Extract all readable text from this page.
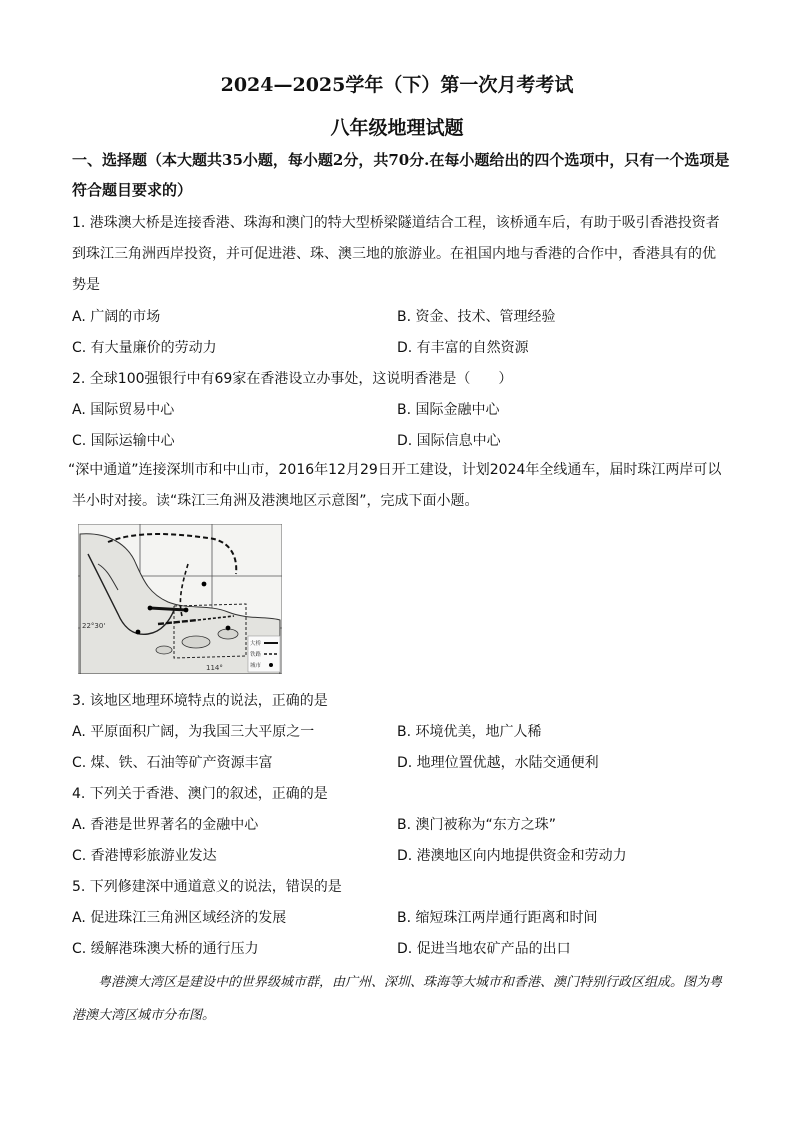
2024—2025学年（下）第一次月考考试
八年级地理试题
一、选择题（本大题共35小题，每小题2分，共70分.在每小题给出的四个选项中，只有一个选项是符合题目要求的）
1. 港珠澳大桥是连接香港、珠海和澳门的特大型桥梁隧道结合工程，该桥通车后，有助于吸引香港投资者到珠江三角洲西岸投资，并可促进港、珠、澳三地的旅游业。在祖国内地与香港的合作中，香港具有的优势是
A. 广阔的市场	B. 资金、技术、管理经验
C. 有大量廉价的劳动力	D. 有丰富的自然资源
2. 全球100强银行中有69家在香港设立办事处，这说明香港是（　　）
A. 国际贸易中心	B. 国际金融中心
C. 国际运输中心	D. 国际信息中心
“深中通道”连接深圳市和中山市，2016年12月29日开工建设，计划2024年全线通车，届时珠江两岸可以半小时对接。读“珠江三角洲及港澳地区示意图”，完成下面小题。
22°30'
114°
大桥
铁路
城市
3. 该地区地理环境特点的说法，正确的是
A. 平原面积广阔，为我国三大平原之一	B. 环境优美，地广人稀
C. 煤、铁、石油等矿产资源丰富	D. 地理位置优越，水陆交通便利
4. 下列关于香港、澳门的叙述，正确的是
A. 香港是世界著名的金融中心	B. 澳门被称为“东方之珠”
C. 香港博彩旅游业发达	D. 港澳地区向内地提供资金和劳动力
5. 下列修建深中通道意义的说法，错误的是
A. 促进珠江三角洲区域经济的发展	B. 缩短珠江两岸通行距离和时间
C. 缓解港珠澳大桥的通行压力	D. 促进当地农矿产品的出口
粤港澳大湾区是建设中的世界级城市群，由广州、深圳、珠海等大城市和香港、澳门特别行政区组成。图为粤港澳大湾区城市分布图。
